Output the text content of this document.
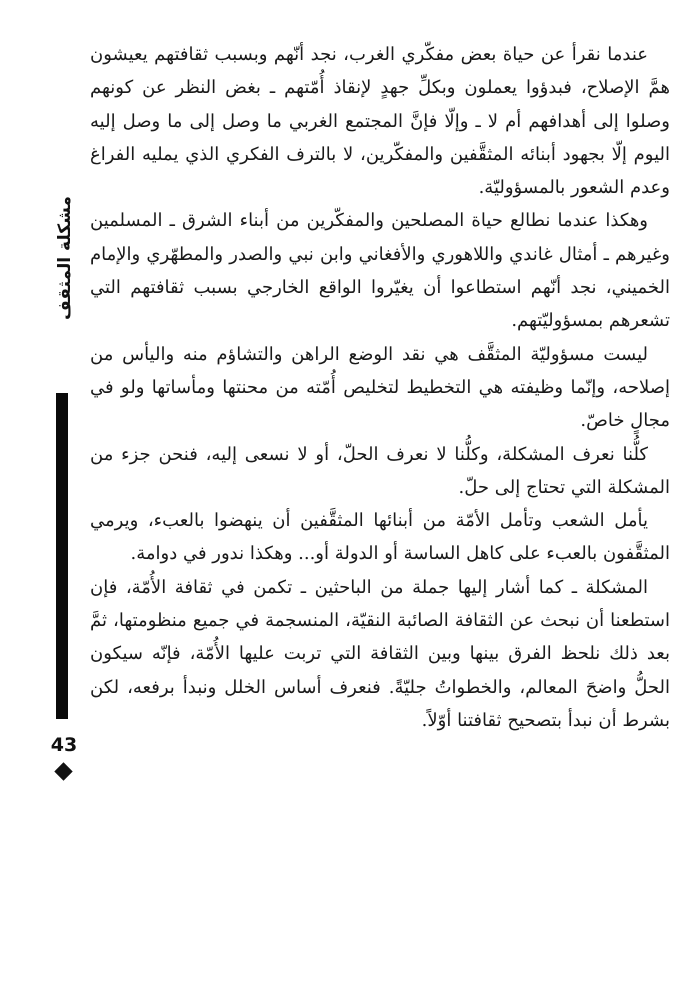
عندما نقرأ عن حياة بعض مفكّري الغرب، نجد أنّهم وبسبب ثقافتهم يعيشون همَّ الإصلاح، فبدؤوا يعملون وبكلِّ جهدٍ لإنقاذ أُمّتهم ـ بغض النظر عن كونهم وصلوا إلى أهدافهم أم لا ـ وإلّا فإنَّ المجتمع الغربي ما وصل إلى ما وصل إليه اليوم إلّا بجهود أبنائه المثقَّفين والمفكّرين، لا بالترف الفكري الذي يمليه الفراغ وعدم الشعور بالمسؤوليّة.

وهكذا عندما نطالع حياة المصلحين والمفكّرين من أبناء الشرق ـ المسلمين وغيرهم ـ أمثال غاندي واللاهوري والأفغاني وابن نبي والصدر والمطهّري والإمام الخميني، نجد أنّهم استطاعوا أن يغيّروا الواقع الخارجي بسبب ثقافتهم التي تشعرهم بمسؤوليّتهم.

ليست مسؤوليّة المثقَّف هي نقد الوضع الراهن والتشاؤم منه واليأس من إصلاحه، وإنّما وظيفته هي التخطيط لتخليص أُمّته من محنتها ومأساتها ولو في مجالٍ خاصّ.

كلُّنا نعرف المشكلة، وكلُّنا لا نعرف الحلّ، أو لا نسعى إليه، فنحن جزء من المشكلة التي تحتاج إلى حلّ.

يأمل الشعب وتأمل الأمّة من أبنائها المثقَّفين أن ينهضوا بالعبء، ويرمي المثقَّفون بالعبء على كاهل الساسة أو الدولة أو... وهكذا ندور في دوامة.

المشكلة ـ كما أشار إليها جملة من الباحثين ـ تكمن في ثقافة الأُمّة، فإن استطعنا أن نبحث عن الثقافة الصائبة النقيّة، المنسجمة في جميع منظومتها، ثمَّ بعد ذلك نلحظ الفرق بينها وبين الثقافة التي تربت عليها الأُمّة، فإنّه سيكون الحلُّ واضحَ المعالم، والخطواتُ جليّةً. فنعرف أساس الخلل ونبدأ برفعه، لكن بشرط أن نبدأ بتصحيح ثقافتنا أوّلاً.

مشكلة المثقف
43
